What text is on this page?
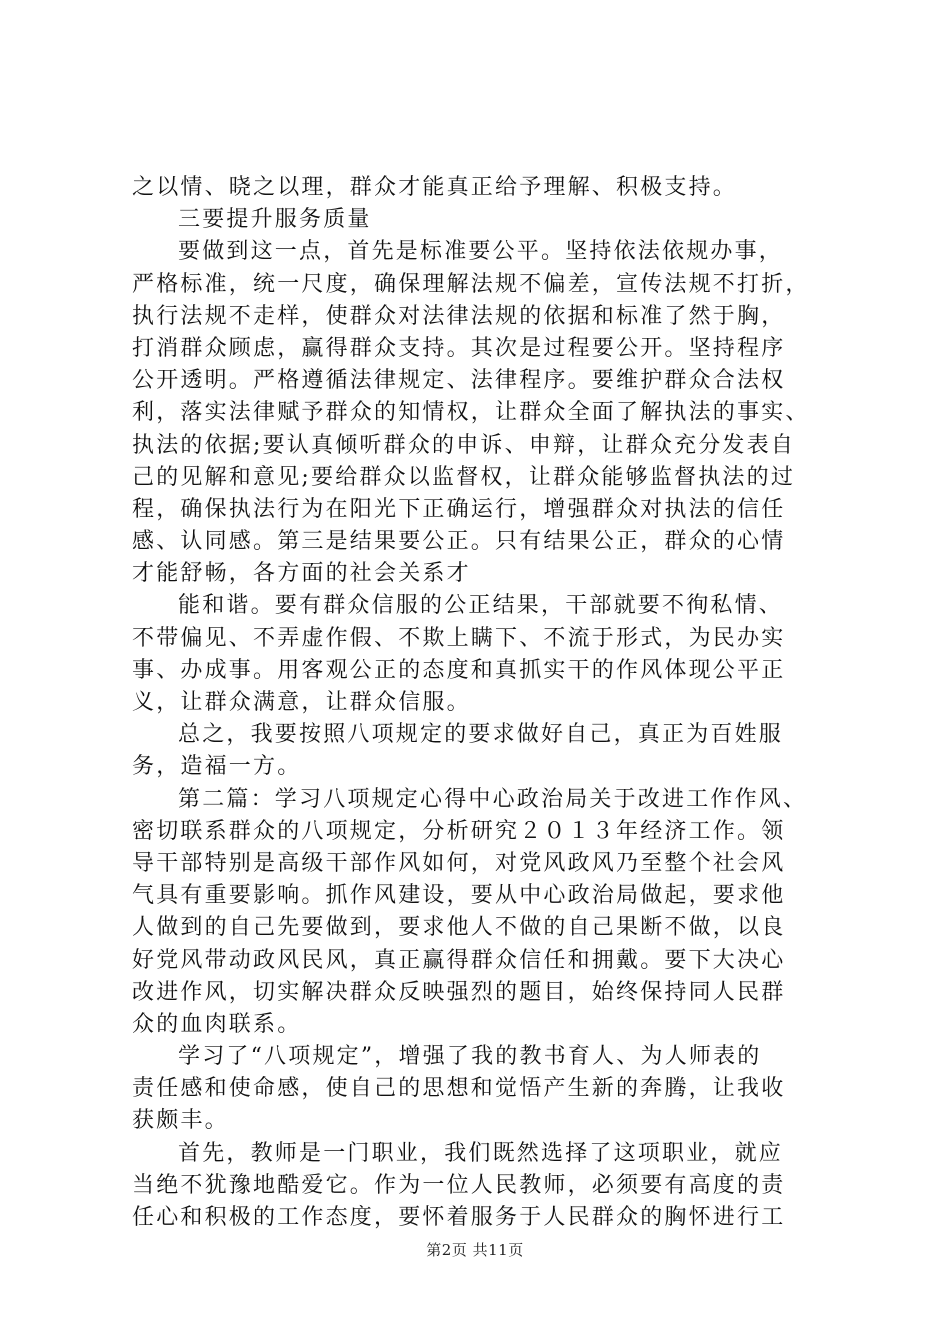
之以情、晓之以理，群众才能真正给予理解、积极支持。
三要提升服务质量
要做到这一点，首先是标准要公平。坚持依法依规办事，
严格标准，统一尺度，确保理解法规不偏差，宣传法规不打折，
执行法规不走样，使群众对法律法规的依据和标准了然于胸，
打消群众顾虑，赢得群众支持。其次是过程要公开。坚持程序
公开透明。严格遵循法律规定、法律程序。要维护群众合法权
利，落实法律赋予群众的知情权，让群众全面了解执法的事实、
执法的依据;要认真倾听群众的申诉、申辩，让群众充分发表自
己的见解和意见;要给群众以监督权，让群众能够监督执法的过
程，确保执法行为在阳光下正确运行，增强群众对执法的信任
感、认同感。第三是结果要公正。只有结果公正，群众的心情
才能舒畅，各方面的社会关系才
能和谐。要有群众信服的公正结果，干部就要不徇私情、
不带偏见、不弄虚作假、不欺上瞒下、不流于形式，为民办实
事、办成事。用客观公正的态度和真抓实干的作风体现公平正
义，让群众满意，让群众信服。
总之，我要按照八项规定的要求做好自己，真正为百姓服
务，造福一方。
第二篇：学习八项规定心得中心政治局关于改进工作作风、
密切联系群众的八项规定，分析研究２０１３年经济工作。领
导干部特别是高级干部作风如何，对党风政风乃至整个社会风
气具有重要影响。抓作风建设，要从中心政治局做起，要求他
人做到的自己先要做到，要求他人不做的自己果断不做，以良
好党风带动政风民风，真正赢得群众信任和拥戴。要下大决心
改进作风，切实解决群众反映强烈的题目，始终保持同人民群
众的血肉联系。
学习了“八项规定”，增强了我的教书育人、为人师表的
责任感和使命感，使自己的思想和觉悟产生新的奔腾，让我收
获颇丰。
首先，教师是一门职业，我们既然选择了这项职业，就应
当绝不犹豫地酷爱它。作为一位人民教师，必须要有高度的责
任心和积极的工作态度，要怀着服务于人民群众的胸怀进行工
第2页 共11页
